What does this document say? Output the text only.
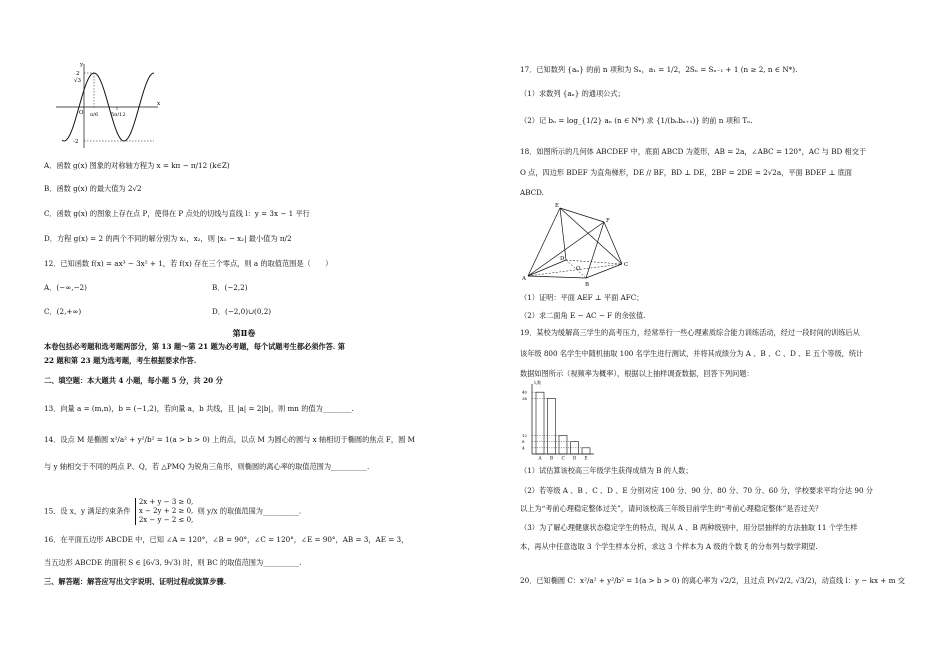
y
2
√3
-2
O π/6	5π/12
x
A．函数 g(x) 图象的对称轴方程为 x = kπ − π/12 (k∈Z)
B．函数 g(x) 的最大值为 2√2
C．函数 g(x) 的图象上存在点 P，使得在 P 点处的切线与直线 l：y = 3x − 1 平行
D．方程 g(x) = 2 的两个不同的解分别为 x₁，x₂，则 |x₁ − x₂| 最小值为 π/2
12．已知函数 f(x) = ax³ − 3x² + 1，若 f(x) 存在三个零点，则 a 的取值范围是（　　）
A．(−∞,−2)	B．(−2,2)
C．(2,+∞)	D．(−2,0)∪(0,2)
第Ⅱ卷
本卷包括必考题和选考题两部分，第 13 题～第 21 题为必考题，每个试题考生都必须作答. 第
22 题和第 23 题为选考题，考生根据要求作答.
二、填空题：本大题共 4 小题，每小题 5 分，共 20 分
13．向量 a = (m,n)，b = (−1,2)，若向量 a，b 共线，且 |a| = 2|b|，则 mn 的值为________.
14．设点 M 是椭圆 x²/a² + y²/b² = 1(a > b > 0) 上的点，以点 M 为圆心的圆与 x 轴相切于椭圆的焦点 F，圆 M
与 y 轴相交于不同的两点 P、Q，若 △PMQ 为锐角三角形，则椭圆的离心率的取值范围为__________.
15．设 x，y 满足约束条件
2x + y − 3 ≥ 0,
x − 2y + 2 ≥ 0,
2x − y − 2 ≤ 0,
则 y/x 的取值范围为__________.
16．在平面五边形 ABCDE 中，已知 ∠A = 120°，∠B = 90°，∠C = 120°，∠E = 90°，AB = 3，AE = 3，
当五边形 ABCDE 的面积 S ∈ [6√3, 9√3) 时，则 BC 的取值范围为__________.
三、解答题：解答应写出文字说明、证明过程或演算步骤.
17．已知数列 {aₙ} 的前 n 项和为 Sₙ，a₁ = 1/2，2Sₙ = Sₙ₋₁ + 1 (n ≥ 2, n ∈ N*).
（1）求数列 {aₙ} 的通项公式；
（2）记 bₙ = log_{1/2} aₙ (n ∈ N*) 求 {1/(bₙbₙ₊₁)} 的前 n 项和 Tₙ.
18．如图所示的几何体 ABCDEF 中，底面 ABCD 为菱形，AB = 2a，∠ABC = 120°，AC 与 BD 相交于
O 点，四边形 BDEF 为直角梯形，DE // BF，BD ⊥ DE，2BF = 2DE = 2√2a，平面 BDEF ⊥ 底面
ABCD.
E
F
D
C
O
A
B
（1）证明：平面 AEF ⊥ 平面 AFC；
（2）求二面角 E − AC − F 的余弦值.
19．某校为缓解高三学生的高考压力，经常举行一些心理素质综合能力训练活动，经过一段时间的训练后从
该年级 800 名学生中随机抽取 100 名学生进行测试，并将其成绩分为 A 、B 、C 、D 、E 五个等级，统计
数据如图所示（视频率为概率），根据以上抽样调查数据，回答下列问题：
人数
A B C D E
40
36
12
8
4
（1）试估算该校高三年级学生获得成绩为 B 的人数；
（2）若等级 A 、B 、C 、D 、E 分别对应 100 分、90 分、80 分、70 分、60 分，学校要求平均分达 90 分
以上为“考前心理稳定整体过关”，请问该校高三年级目前学生的“考前心理稳定整体”是否过关？
（3）为了解心理健康状态稳定学生的特点，现从 A 、B 两种级别中，用分层抽样的方法抽取 11 个学生样
本，再从中任意选取 3 个学生样本分析，求这 3 个样本为 A 级的个数 ξ 的分布列与数学期望.
20．已知椭圆 C：x²/a² + y²/b² = 1(a > b > 0) 的离心率为 √2/2，且过点 P(√2/2, √3/2)，动直线 l：y − kx + m 交
